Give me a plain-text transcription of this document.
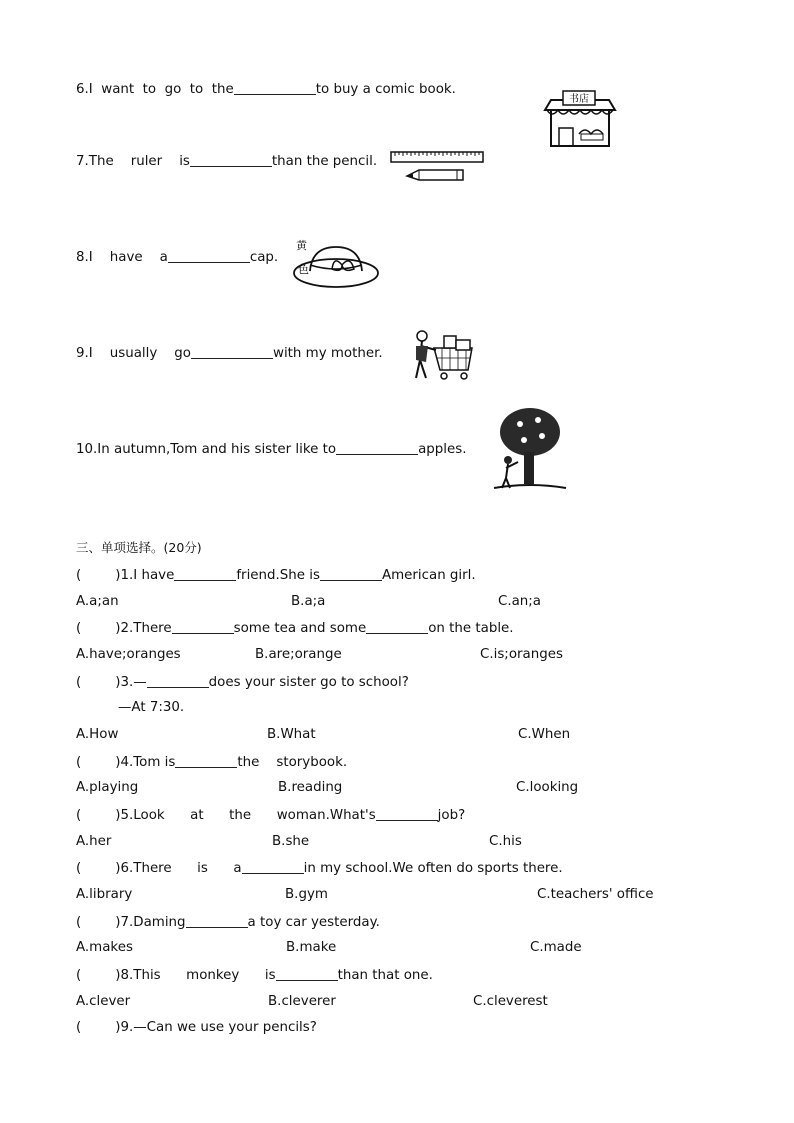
6.I  want  to  go  to  the	to buy a comic book.
7.The    ruler    is	than the pencil.
8.I    have    a	cap.
9.I    usually    go	with my mother.
10.In autumn,Tom and his sister like to	apples.
书店
黄
色
三、单项选择。(20分)
(        )1.I have	friend.She is	American girl.
A.a;an	B.a;a	C.an;a
(        )2.There	some tea and some	on the table.
A.have;oranges	B.are;orange	C.is;oranges
(        )3.—	does your sister go to school?
—At 7:30.
A.How	B.What	C.When
(        )4.Tom is	the    storybook.
A.playing	B.reading	C.looking
(        )5.Look      at      the      woman.What's	job?
A.her	B.she	C.his
(        )6.There      is      a	in my school.We often do sports there.
A.library	B.gym	C.teachers' office
(        )7.Daming	a toy car yesterday.
A.makes	B.make	C.made
(        )8.This      monkey      is	than that one.
A.clever	B.cleverer	C.cleverest
(        )9.—Can we use your pencils?
